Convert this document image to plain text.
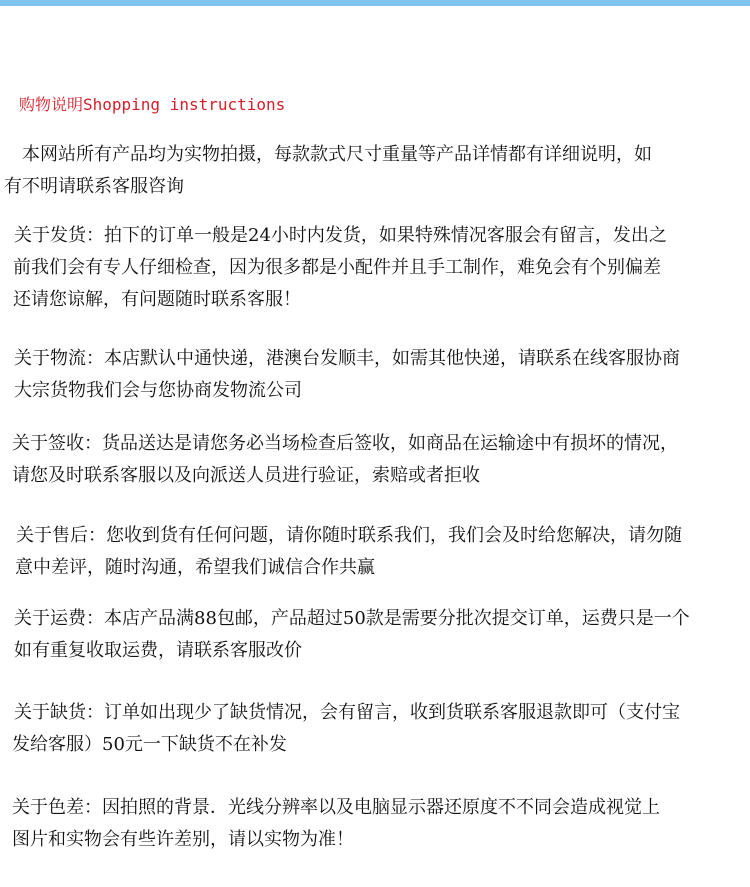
购物说明Shopping instructions
本网站所有产品均为实物拍摄，每款款式尺寸重量等产品详情都有详细说明，如
有不明请联系客服咨询
关于发货：拍下的订单一般是24小时内发货，如果特殊情况客服会有留言，发出之
前我们会有专人仔细检查，因为很多都是小配件并且手工制作，难免会有个别偏差
还请您谅解，有问题随时联系客服！
关于物流：本店默认中通快递，港澳台发顺丰，如需其他快递，请联系在线客服协商
大宗货物我们会与您协商发物流公司
关于签收：货品送达是请您务必当场检查后签收，如商品在运输途中有损坏的情况，
请您及时联系客服以及向派送人员进行验证，索赔或者拒收
关于售后：您收到货有任何问题，请你随时联系我们，我们会及时给您解决，请勿随
意中差评，随时沟通，希望我们诚信合作共赢
关于运费：本店产品满88包邮，产品超过50款是需要分批次提交订单，运费只是一个
如有重复收取运费，请联系客服改价
关于缺货：订单如出现少了缺货情况，会有留言，收到货联系客服退款即可（支付宝
发给客服）50元一下缺货不在补发
关于色差：因拍照的背景．光线分辨率以及电脑显示器还原度不不同会造成视觉上
图片和实物会有些许差别，请以实物为准！
